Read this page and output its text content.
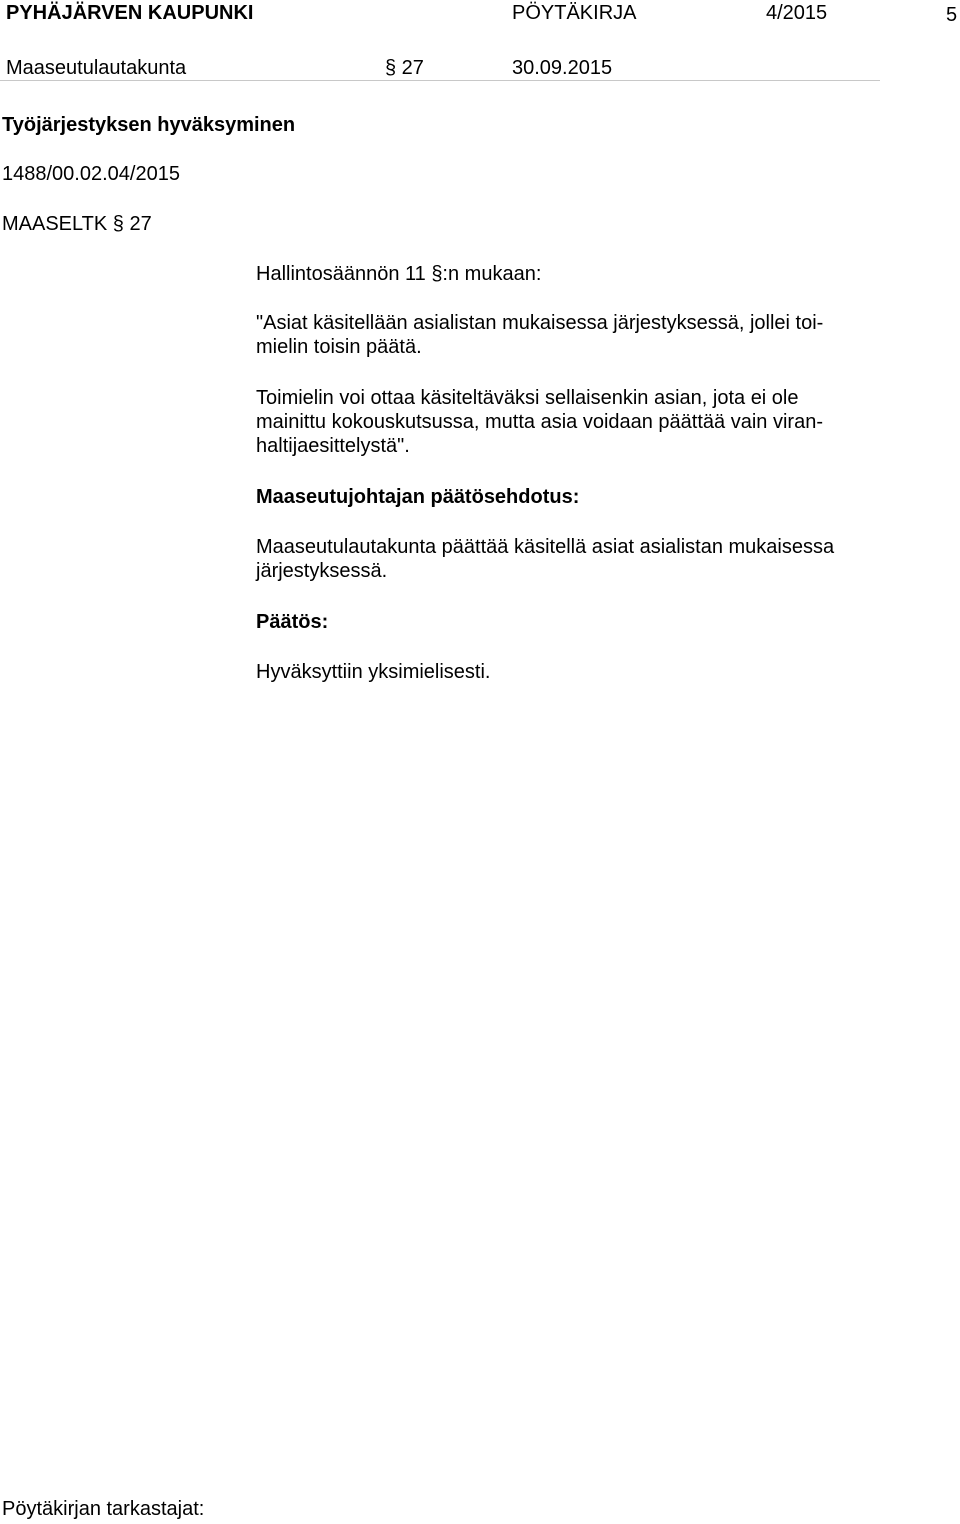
PYHÄJÄRVEN KAUPUNKI	PÖYTÄKIRJA	4/2015	5
Maaseutulautakunta	§ 27	30.09.2015
Työjärjestyksen hyväksyminen
1488/00.02.04/2015
MAASELTK § 27
Hallintosäännön 11 §:n mukaan:
"Asiat käsitellään asialistan mukaisessa järjestyksessä, jollei toi-
mielin toisin päätä.
Toimielin voi ottaa käsiteltäväksi sellaisenkin asian, jota ei ole
mainittu kokouskutsussa, mutta asia voidaan päättää vain viran-
haltijaesittelystä".
Maaseutujohtajan päätösehdotus:
Maaseutulautakunta päättää käsitellä asiat asialistan mukaisessa
järjestyksessä.
Päätös:
Hyväksyttiin yksimielisesti.
Pöytäkirjan tarkastajat:
